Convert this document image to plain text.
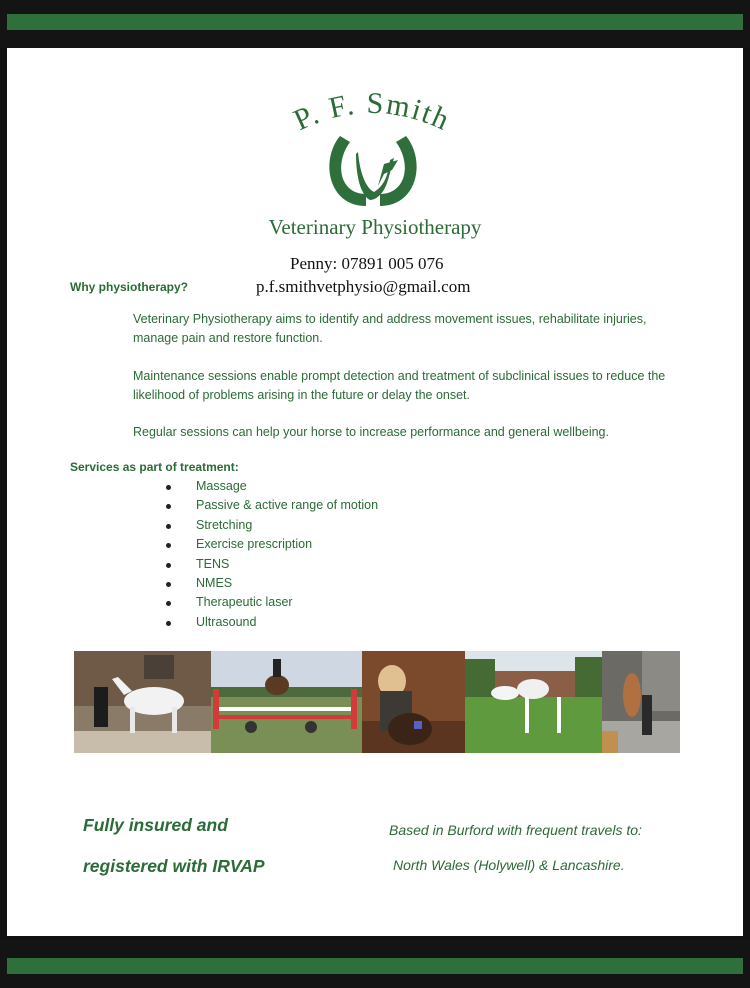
P. F. Smith
Veterinary Physiotherapy
Penny: 07891 005 076
p.f.smithvetphysio@gmail.com
Why physiotherapy?

Veterinary Physiotherapy aims to identify and address movement issues, rehabilitate injuries, manage pain and restore function.

Maintenance sessions enable prompt detection and treatment of subclinical issues to reduce the likelihood of problems arising in the future or delay the onset.

Regular sessions can help your horse to increase performance and general wellbeing.

Services as part of treatment:
Massage
Passive & active range of motion
Stretching
Exercise prescription
TENS
NMES
Therapeutic laser
Ultrasound
Fully insured and
registered with IRVAP
Based in Burford with frequent travels to:
North Wales (Holywell) & Lancashire.
